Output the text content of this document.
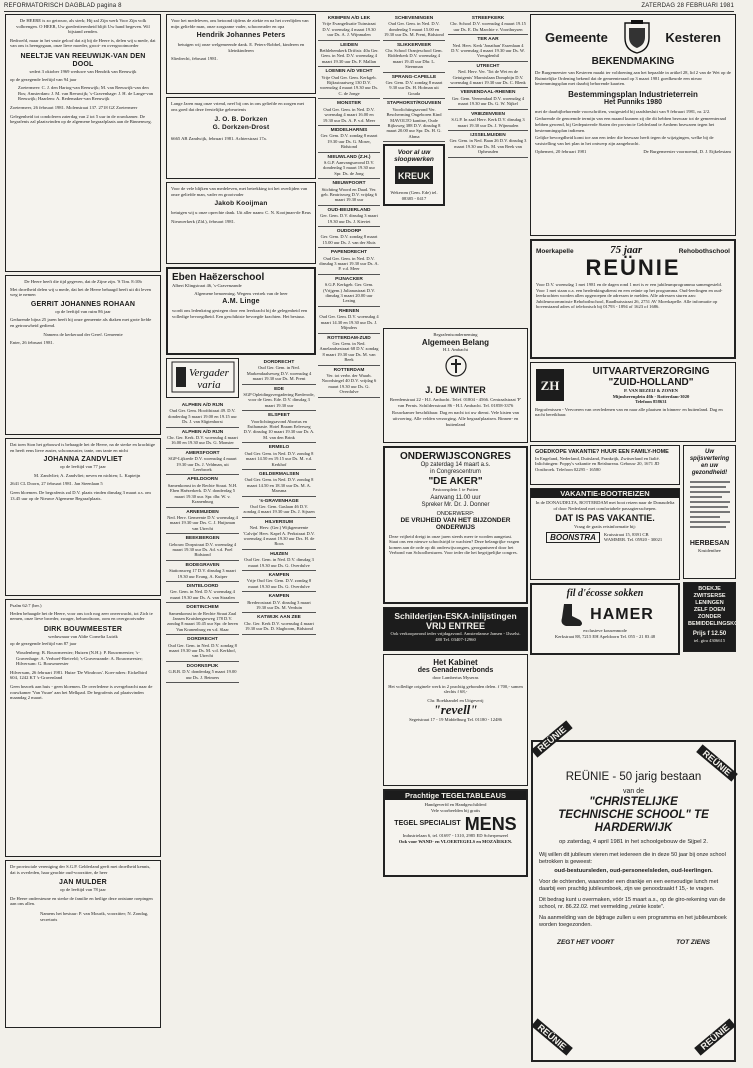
REFORMATORISCH DAGBLAD pagina 8	ZATERDAG 28 FEBRUARI 1981
De HEERE is zo getrouw, als sterk; Hij zal Zijn werk Voor Zijn volk volbrengen. O HEER, Uw goedertierenheid blijft Uw hand begeven. Wil bijstand zenden.
Bedroefd, maar in het vaste geloof dat zij bij de Heere is, delen wij u mede, dat van ons is heengegaan, onze lieve moeder, groot- en overgrootmoeder
NEELTJE VAN REEUWIJK-VAN DEN DOOL
sedert 3 oktober 1969 weduwe van Hendrik van Reeuwijk
op de gezegende leeftijd van 94 jaar
Zoetermeer: C. J. den Hartog-van Reeuwijk; M. van Reeuwijk-van den Bos; Amsterdam: J. M. van Reeuwijk; 's-Gravenhage: J. H. de Lange-van Reeuwijk; Haarlem: A. Redemaker-van Reeuwijk
Zoetermeer, 26 februari 1981. Molenstraat 137. 2718 GZ Zoetermeer
Gelegenheid tot condoleren zaterdag van 2 tot 5 uur in de rouwkamer. De begrafenis zal plaatsvinden op de algemene begraafplaats aan de Binnenweg.
De Heere heeft die tijd gegeven, dat de Zijne zijn. 'S Tim. 8:10b
Met droefheid delen wij u mede, dat het de Heere behaagd heeft uit dit leven weg te nemen
GERRIT JOHANNES ROHAAN
op de leeftijd van ruim 86 jaar
Gedurende bijna 25 jaren heeft hij onze gemeente als diaken met grote liefde en getrouwheid gediend.
Namens de kerkeraad der Geref. Gemeente
Enter, 26 februari 1981.
Dat toen Sion het gebouwd is behaagde het de Heere, na de sterke en krachtige en heeft eens lieve zuster, schoonzuster, tante, ons tante en nicht
JOHANNA ZANDVLIET
op de leeftijd van 77 jaar
M. Zandvliet; A. Zandvliet; neven en nichten; L. Kapteijn
2641 CL Doorn, 27 februari 1981. Jan Steenlaan 5
Geen bloemen. De begrafenis zal D.V. plaats vinden dinsdag 3 maart a.s. om 13.45 uur op de Nieuwe Algemene Begraafplaats.
Psalm 62:7 (ber.)
Heden behaagde het de Heere, voor ons toch nog zeer onverwacht, tot Zich te nemen, onze lieve broeder, zwager, behuwdzoon, oom en overgrootvader
DIRK BOUWMEESTER
weduwnaar van Aldie Cornelia Lutrik
op de gezegende leeftijd van 87 jaar
Woudenberg: B. Bouwmeester; Huizen (N.H.): P. Bouwmeester; 's-Gravenhage: A. Verhoef-Rietveld; 's-Gravenzande: A. Bouwmeester; Hilversum: G. Bouwmeester
Hilversum, 26 februari 1981. Huize 'De Windroos'. Koer-adres: Eickelbird 604, 1242 KT 's-Gravenland
Geen bezoek aan huis - geen bloemen. De overledene is overgebracht naar de rouwkamer 'Van Vuure' aan het Melkpad. De begrafenis zal plaatsvinden maandag 2 maart.
De provinciale vereniging der S.G.P. Gelderland geeft met droefheid kennis, dat is overleden, haar geachte oud-voorzitter, de heer
JAN MULDER
op de leeftijd van 78 jaar
De Heere ondersteune en sterke de familie en heilige deze ontstane roepingen aan ons allen.
Namens het bestuur: P. van Mourik, voorzitter; N. Zondag, secretaris
Voor het medeleven, ons betoond tijdens de ziekte en na het overlijden van mijn geliefde man, onze zorgzame vader, schoonvader en opa
Hendrik Johannes Peters
betuigen wij onze welgemeende dank. E. Peters-Robbel, kinderen en kleinkinderen
Sliedrecht, februari 1981.
Lange Jaren mag onze vriend, neef bij ons in ons geliefde en zorgen met ons goed dat deze feestelijke gebeurtenis
J. O. B. Dorkzen
G. Dorkzen-Drost
6665 AB Zandwijk, februari 1981. Achterstraat 17a.
Voor de vele blijken van medeleven, met betrekking tot het overlijden van onze geliefde man, vader en grootvader
Jakob Kooijman
betuigen wij u onze oprechte dank. Uit aller naam: C. N. Kooijman-de Reus
Nieuwerkerk (Zld.), februari 1981.
Eben Haëzerschool
Albert Klingstraat 46, 's-Gravenzande
Algemene benoeming. Wegens vertrek van de heer
A.M. Linge
wordt ons ledenkring gestegen door een leerkracht bij de gelegenheid een volledige bevoegdheid. Een geschiktste bevoegde krachten. Het bestuur.
Vergader
varia
ALPHEN A/D RIJN
Oud Ger. Gem. Hoofdstraat 49. D.V. donderdag 5 maart 19.00 en 19.15 uur Ds. J. van Sligtenhorst
ALPHEN A/D RIJN
Chr. Ger. Kerk. D.V. woensdag 4 maart 16.00 en 19.30 uur Ds. G. Monster
AMERSFOORT
SGP-Lijkrede D.V. woensdag 4 maart 19.30 uur Ds. J. Veldman, uit Leerbroek
APELDOORN
Samenkomst in de Rechte Straat. N.H. Eben Haëzerkerk. D.V. donderdag 5 maart 19.30 uur. Spr. dhr. W. v. Kranenburg
ARNEMUIDEN
Ned. Herv. Gemeente D.V. woensdag 4 maart 19.30 uur Drs. C. J. Huijsman van Utrecht
BEEKBERGEN
Gebouw Dorpstraat D.V. woensdag 4 maart 19.30 uur Ds. Ad. v.d. Poel Bidstond
BODEGRAVEN
Stationsweg 17 D.V. dinsdag 3 maart 19.30 uur Evang. A. Kuiper
DINTELOORD
Ger. Gem. in Ned. D.V. woensdag 4 maart 19.30 uur Ds. A. van Straalen
DOETINCHEM
Samenkomst in de Rechte Straat Zaal Jansen Kruisbergseweg 178 D.V. zondag 8 maart 10.45 uur Spr. de heren Van Kranenburg en v.d. Slaar
DORDRECHT
Oud Ger. Gem. in Ned. D.V. zondag 8 maart 19.30 uur Ds. M. v.d. Kerkhof, van Utrecht
DOORNSPIJK
G.B.B. D.V. donderdag 5 maart 19.00 uur Ds. J. Beimers
DORDRECHT
Oud Ger. Gem. in Ned. Markendaalseweg D.V. woensdag 4 maart 19.30 uur Ds. M. Prent
EDE
SGP Opleidingsvergadering Brederode, voor de Gem. Ede. D.V. dinsdag 3 maart 19.30 uur
ELSPEET
Voorlichtingsavond Abortus en Euthanasie. Hotel Braam Eelerweg D.V. dinsdag 10 maart 19.30 uur Dr. A. M. van den Brink
ERMELO
Oud Ger. Gem. in Ned. D.V. zondag 8 maart 14.50 en 19.15 uur Ds. M. v.d. Kerkhof
GELDERMALSEN
Oud Ger. Gem. in Ned. D.V. zondag 8 maart 14.50 en 18.30 uur Ds. M. A. Marsma
's-GRAVENHAGE
Oud Ger. Gem. Gaslaan 46 D.V. zondag 4 maart 19.30 uur Ds. J. Sijssen
HILVERSUM
Ned. Herv. (Ger.) Wijkgemeente 'Calvijn' Herv. Kapel A. Perkstraat D.V. woensdag 4 maart 19.30 uur Drs. H. de Roos
HUIZEN
Oud Ger. Gem. in Ned. D.V. dinsdag 3 maart 19.30 uur Ds. G. Overdulve
KAMPEN
Vrije Oud Ger. Gem. D.V. zondag 8 maart 19.30 uur Ds. G. Overdulve
KAMPEN
Brederostraat D.V. dinsdag 3 maart 19.30 uur Ds. M. Verduin
KATWIJK AAN ZEE
Chr. Ger. Kerk D.V. woensdag 4 maart 19.30 uur Ds. D. Slagboom, Bidstond
KRIMPEN A/D LEK
Vrije Evangelisatie Tuinstraat D.V. woensdag 4 maart 19.30 uur Ds. A. J. Wijnmalen
LEIDEN
Bethlehemkerk Driftstr. 40a Ger. Gem. in Ned. D.V. woensdag 4 maart 19.30 uur Ds. F. Mallan
LOENEN A/D VECHT
Vrije Oud Ger. Gem. Kerkgeb. Rijksstraatweg 130 D.V. woensdag 4 maart 19.30 uur Ds. C. de Jonge
MONSTER
Oud Ger. Gem. in Ned. D.V. woensdag 4 maart 16.00 en 19.30 uur Ds. A. P. v.d. Meer
MIDDELHARNIS
Ger. Gem. D.V. zondag 8 maart 19.30 uur Ds. G. Moser, Bidstond
NIEUWLAND (Z.H.)
S.G.P. Aanvangsavond D.V. donderdag 5 maart 19.30 uur Spr. Ds. de Jong
NIEUWPOORT
Stichting Woord en Daad. Ver. geb. Beatrixweg D.V. vrijdag 6 maart 19.30 uur
OUD-BEIJERLAND
Ger. Gem. D.V. dinsdag 3 maart 19.30 uur Ds. J. Kieviet
OUDDORP
Ger. Gem. D.V. zondag 8 maart 15.00 uur Ds. J. van der Sluis
PAPENDRECHT
Oud Ger. Gem. in Ned. D.V. dinsdag 3 maart 19.30 uur Ds. A. P. v.d. Meer
PIJNACKER
S.G.P. Kerkgeb. Ger. Gem. (Vrijgem.) Julianastraat D.V. dinsdag 3 maart 20.00 uur Lezing
RHENEN
Oud Ger. Gem. D.V. woensdag 4 maart 14.30 en 19.30 uur Ds. J. Mijnders
ROTTERDAM-ZUID
Ger. Gem. in Ned. Amelandsestraat 68 D.V. zondag 8 maart 19.30 uur Ds. M. van Beek
ROTTERDAM
Ver. tot verbr. der Waarh. Noordsingel 40 D.V. vrijdag 6 maart 19.30 uur Ds. G. Overdulve
SCHEVENINGEN
Oud Ger. Gem. in Ned. D.V. donderdag 5 maart 15.00 en 19.30 uur Ds. M. Prent, Bidstond
SLIKKERVEER
Chr. School Oranjeschool Gem. Ridderkerk D.V. woensdag 4 maart 19.45 uur Dhr. L. Steenman
SPRANG-CAPELLE
Ger. Gem. D.V. zondag 8 maart 9.30 uur Ds. H. Hofman uit Gouda
STAPHORST/ROUVEEN
Voorlichtingsavond Ver. Bescherming Ongeboren Kind MAVOLTO kantine, Oude Rijksweg 388 D.V. dinsdag 8 maart 20.00 uur Spr. Ds. H. G. Abma
Voor al uw
sloopwerken
KREUK
Wekerom (Gem. Ede) tel. 08385 - 0417
STREEFKERK
Chr. School D.V. woensdag 4 maart 19.15 uur Ds. E. Du Marchie v. Voorthuysen
TER AAR
Ned. Herv. Kerk 'Jonathan' Essenlaan 4 D.V. woensdag 4 maart 19.30 uur Ds. W. Vreugdenhil
UTRECHT
Ned. Herv. Ver. 'Tot de Wet en de Getuigenis' Marnixlaan Dompbijn D.V. woensdag 4 maart 19.30 uur Ds. C. Blenk
VEENENDAAL-RHENEN
Ger. Gem. Veenendaal D.V. woensdag 4 maart 19.30 uur Ds. G. W. Nijkel
VRIEZENVEEN
S.G.P. In zaal Herv. Kerk D.V. dinsdag 3 maart 19.30 uur Ds. J. Wijnmalen
IJSSELMUIDEN
Ger. Gem. in Ned. Baan 26 D.V. dinsdag 3 maart 19.30 uur Ds. M. van Beek van Opheusden
Begrafenisonderneming
Algemeen Belang
H.I. Ambacht
J. DE WINTER
Breedenstraat 22 - H.I. Ambacht. Telef. 01804 - 4566. Centraalstraat 'F' van Pernis. Schildersstraat 86 - H.I. Ambacht. Tel. 01858-3376
Rouwkamer beschikbaar. Dag en nacht tot uw dienst. Vele kisten van uitvoering. Alle velden verzorging. Alle begraafplaatsen. Binnen- en buitenland
ONDERWIJSCONGRES
Op zaterdag 14 maart a.s.
in Congrescentrum
"DE AKER"
Pastoorsplein 1 te Putten
Aanvang 11.00 uur
Spreker Mr. Dr. J. Donner
ONDERWERP:
DE VRIJHEID VAN HET BIJZONDER ONDERWIJS
Deze vrijheid dreigt in onze jaren steeds meer te worden aangetast. Staat ons een nieuwe schoolstrijd te wachten? Deze belangrijke vragen komen aan de orde op dit onderwijscongres, georganiseerd door het Verbond van Schoolbesturen. Voor ieder die het begrijpelijke congres.
Schilderijen-ESKA-inlijstingen
VRIJ ENTREE
Ook verkoopavond ieder vrijdagavond. Amsterdamse Jansen - IJsselst. 480 Tel. 03407-12960
Het Kabinet
des Genadenverbonds
door Lambertus Myseras
Het volledige originele werk in 2 prachtig gebonden delen. f 700,- samen slechts f 68,-
Chr. Boekhandel en Uitgeverij
"revell"
Segetstraat 17 - 19 Middelburg Tel. 01180 - 12486
Prachtige TEGELTABLEAUS
Handgeverfd en Handgeschilderd
Vele voorbeelden bij gratis
TEGEL SPECIALIST MENS
Industrielaan 6, tel. 01697 - 1310, 2985 ED Scherpenzeel
Ook voor WAND- en VLOERTEGELS en MOZAÏEKEN.
Gemeente	Kesteren
BEKENDMAKING
De Burgemeester van Kesteren maakt ter voldoening aan het bepaalde in artikel 28, lid 2 van de Wet op de Ruimtelijke Ordening bekend dat de gemeenteraad op 3 maart 1981 goedkeurde een nieuw bestemmingsplan met daarbij behorende kaarten.
Bestemmingsplan Industrieterrein
Het Punniks 1980
met de daarbijbehorende voorschriften, vastgesteld bij raadsbesluit van 9 februari 1981, nr. 2/2.
Gedurende de genoemde termijn van een maand kunnen zij die dit hebben bezwaar tot de gemeenteraad hebben gewend, bij Gedeputeerde Staten der provincie Gelderland te Arnhem bezwaren tegen het bestemmingsplan indienen.
Gelijke bevoegdheid komt toe aan een ieder die bezwaar heeft tegen de wijzigingen, welke bij de vaststelling van het plan in het ontwerp zijn aangebracht.
Ophemert, 20 februari 1981	De Burgemeester voornoemd, D. J. Eijkelestam
Moerkapelle	75 jaar	Rehobothschool
REÜNIE
Voor D.V. woensdag 1 mei 1981 en de dagen rond 1 mei is er een jubileumprogramma samengesteld. Voor 1 mei staan o.a. een herdenkingsdienst en een reünie op het programma. Oud-leerlingen en oud-leerkrachten worden allen opgeroepen de adressen te melden. Alle adressen sturen aan: Jubileumcommissie Rehobothschool, Raadhuisstraat 26, 2751 AV Moerkapelle. Alle informatie op bovenstaand adres of telefonisch bij 01793 - 1894 of 1623 of 1686.
ZH
UITVAARTVERZORGING
"ZUID-HOLLAND"
P. VAN BEZEIJ & ZONEN
Mijnsherenplein 46b - Rotterdam-3020
Telefoon 858631
Begrafenissen - Vervoeren van overledenen van en naar alle plaatsen in binnen- en buitenland. Dag en nacht bereikbaar.
GOEDKOPE VAKANTIE? HUUR EEN FAMILY-HOME
In Engeland, Nederland, Duitsland, Frankrijk, Zwitserland en Italië. Inlichtingen: Poppy's vakantie en Reisbureau. Gebouw 20, 1671 JD Oostbroek. Telefoon 02295 - 16580
VAKANTIE-BOOTREIZEN
In de DONAUDELTA, ROTTERDAM met boot reizen naar de Donaudelta of door Nederland met comfortabele passagiersschepen.
DAT IS PAS VAKANTIE.
Vraag de gratis reisinformatie bij:
BOONSTRA	Kruisstraat 15, 8391 CB WAMMER. Tel. 05920 - 30021
fil d'écosse sokken
HAMER
exclusieve kousenmode
Kerkstraat 88, 7215 EH Apeldoorn Tel. 055 - 21 83 48
Uw spijsvertering en uw gezondheid!
HERBESAN
Kruidenthee
BOEKJE ZWITSERSE LENINGEN ZELF DOEN ZONDER BEMIDDELINGSKOSTEN
Prijs f 12.50
tel. gira 4306615
REÜNIE
REÜNIE
REÜNIE - 50 jarig bestaan
van de
"CHRISTELIJKE
TECHNISCHE SCHOOL" TE
HARDERWIJK
op zaterdag, 4 april 1981 in het schoolgebouw de Sijpel 2.
Wij willen dit jubileum vieren met iedereen die in deze 50 jaar bij onze school betrokken is geweest:
oud-bestuursleden, oud-personeelsleden, oud-leerlingen.
Voor de ochtenden, waaronder een drankje en een eenvoudige lunch met daarbij een prachtig jubileumboek, zijn we genoodzaakt f 15,- te vragen.
Dit bedrag kunt u overmaken, vóór 15 maart a.s., op de giro-rekening van de school, nr. 86.22.02. met vermelding „reünie koste".
Na aanmelding van de bijdrage zullen u een programma en het jubileumboek worden toegezonden.
ZEGT HET VOORT	TOT ZIENS
REÜNIE	REÜNIE
